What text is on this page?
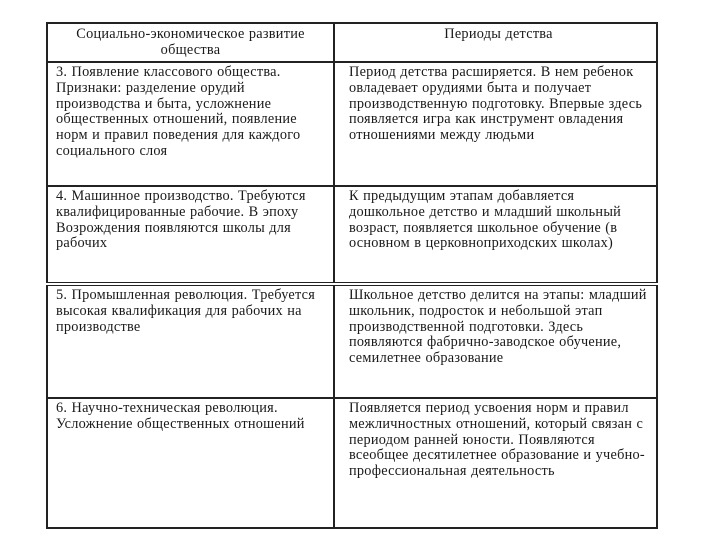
Социально-экономическое развитие общества	Периоды детства

3. Появление классового общества. Признаки: разделение орудий производства и быта, усложнение общественных отношений, появление норм и правил поведения для каждого социального слоя	Период детства расширяется. В нем ребенок овладевает орудиями быта и получает производственную подготовку. Впервые здесь появляется игра как инструмент овладения отношениями между людьми

4. Машинное производство. Требуются квалифицированные рабочие. В эпоху Возрождения появляются школы для рабочих	К предыдущим этапам добавляется дошкольное детство и младший школьный возраст, появляется школьное обучение (в основном в церковноприходских школах)

5. Промышленная революция. Требуется высокая квалификация для рабочих на производстве	Школьное детство делится на этапы: младший школьник, подросток и небольшой этап производственной подготовки. Здесь появляются фабрично-заводское обучение, семилетнее образование

6. Научно-техническая революция. Усложнение общественных отношений	Появляется период усвоения норм и правил межличностных отношений, который связан с периодом ранней юности. Появляются всеобщее десятилетнее образование и учебно-профессиональная деятельность
